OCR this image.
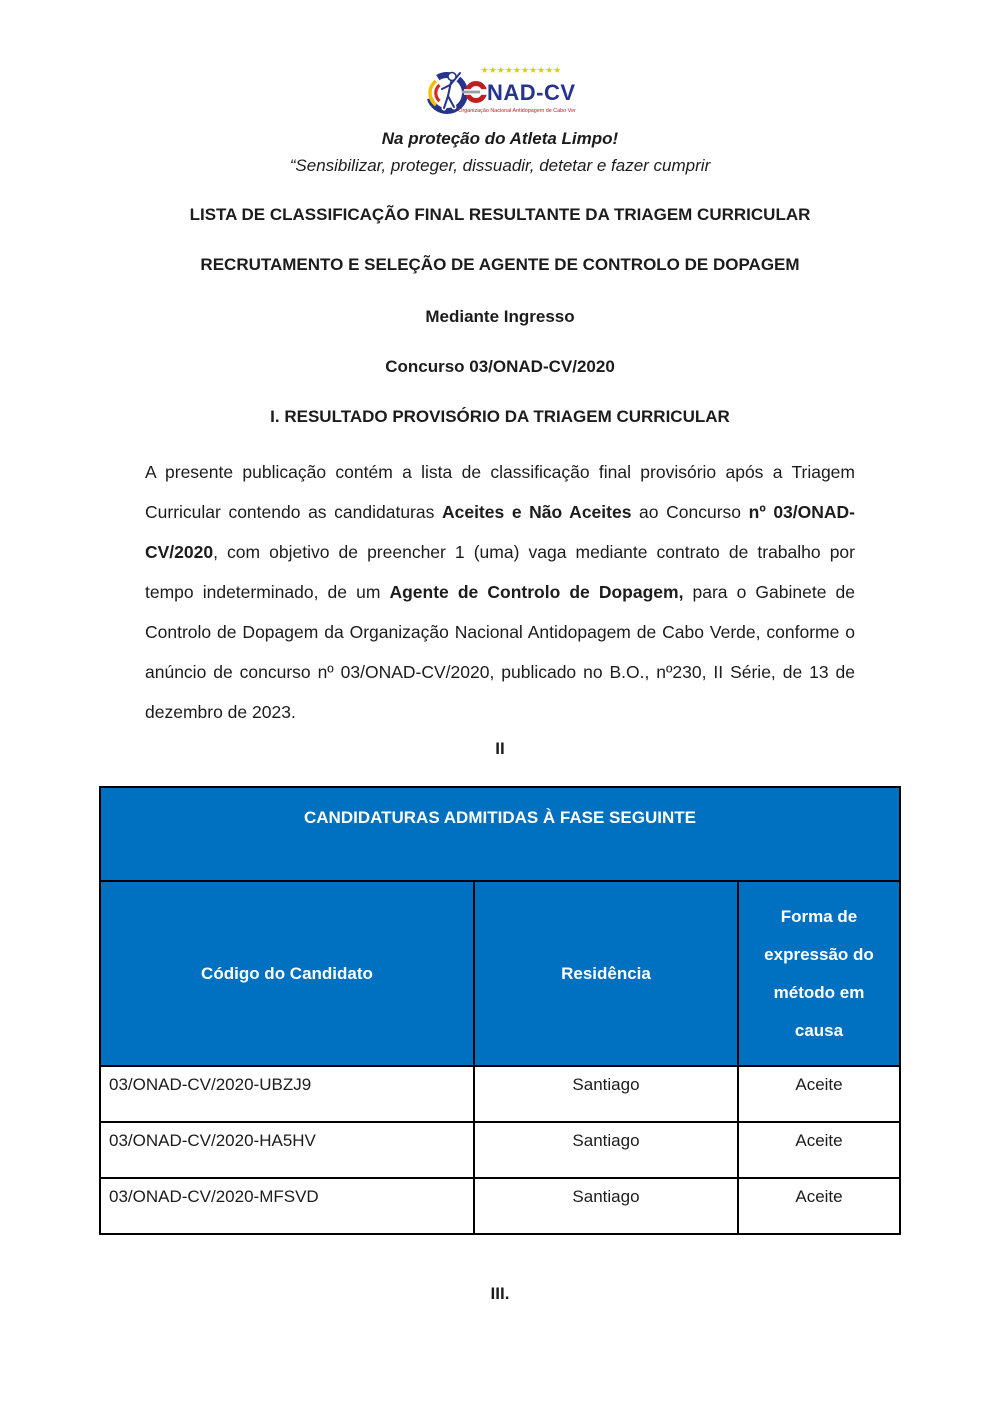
★★★★★★★★★★
NAD-CV
Organização Nacional Antidopagem de Cabo Verde
Na proteção do Atleta Limpo!
“Sensibilizar, proteger, dissuadir, detetar e fazer cumprir
LISTA DE CLASSIFICAÇÃO FINAL RESULTANTE DA TRIAGEM CURRICULAR
RECRUTAMENTO E SELEÇÃO DE AGENTE DE CONTROLO DE DOPAGEM
Mediante Ingresso
Concurso 03/ONAD-CV/2020
I. RESULTADO PROVISÓRIO DA TRIAGEM CURRICULAR

A presente publicação contém a lista de classificação final provisório após a Triagem Curricular contendo as candidaturas Aceites e Não Aceites ao Concurso nº 03/ONAD-CV/2020, com objetivo de preencher 1 (uma) vaga mediante contrato de trabalho por tempo indeterminado, de um Agente de Controlo de Dopagem, para o Gabinete de Controlo de Dopagem da Organização Nacional Antidopagem de Cabo Verde, conforme o anúncio de concurso nº 03/ONAD-CV/2020, publicado no B.O., nº230, II Série, de 13 de dezembro de 2023.

II
CANDIDATURAS ADMITIDAS À FASE SEGUINTE		
Código do Candidato	Residência	Forma de expressão do método em causa
03/ONAD-CV/2020-UBZJ9	Santiago	Aceite
03/ONAD-CV/2020-HA5HV	Santiago	Aceite
03/ONAD-CV/2020-MFSVD	Santiago	Aceite
III.
